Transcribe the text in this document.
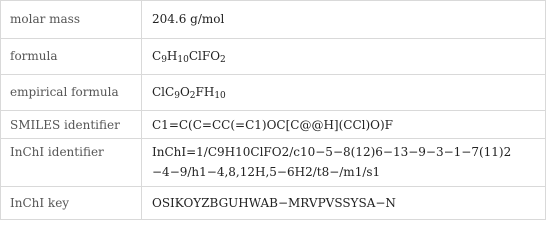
molar mass	204.6 g/mol
formula	$C_9H_{10}ClFO_2$
empirical formula	$ClC_9O_2FH_{10}$
SMILES identifier	C1=C(C=CC(=C1)OC[C@@H](CCl)O)F
InChI identifier	InChI=1/C9H10ClFO2/c10−5−8(12)6−13−9−3−1−7(11)2 −4−9/h1−4,8,12H,5−6H2/t8−/m1/s1
InChI key	OSIKOYZBGUHWAB−MRVPVSSYSA−N
